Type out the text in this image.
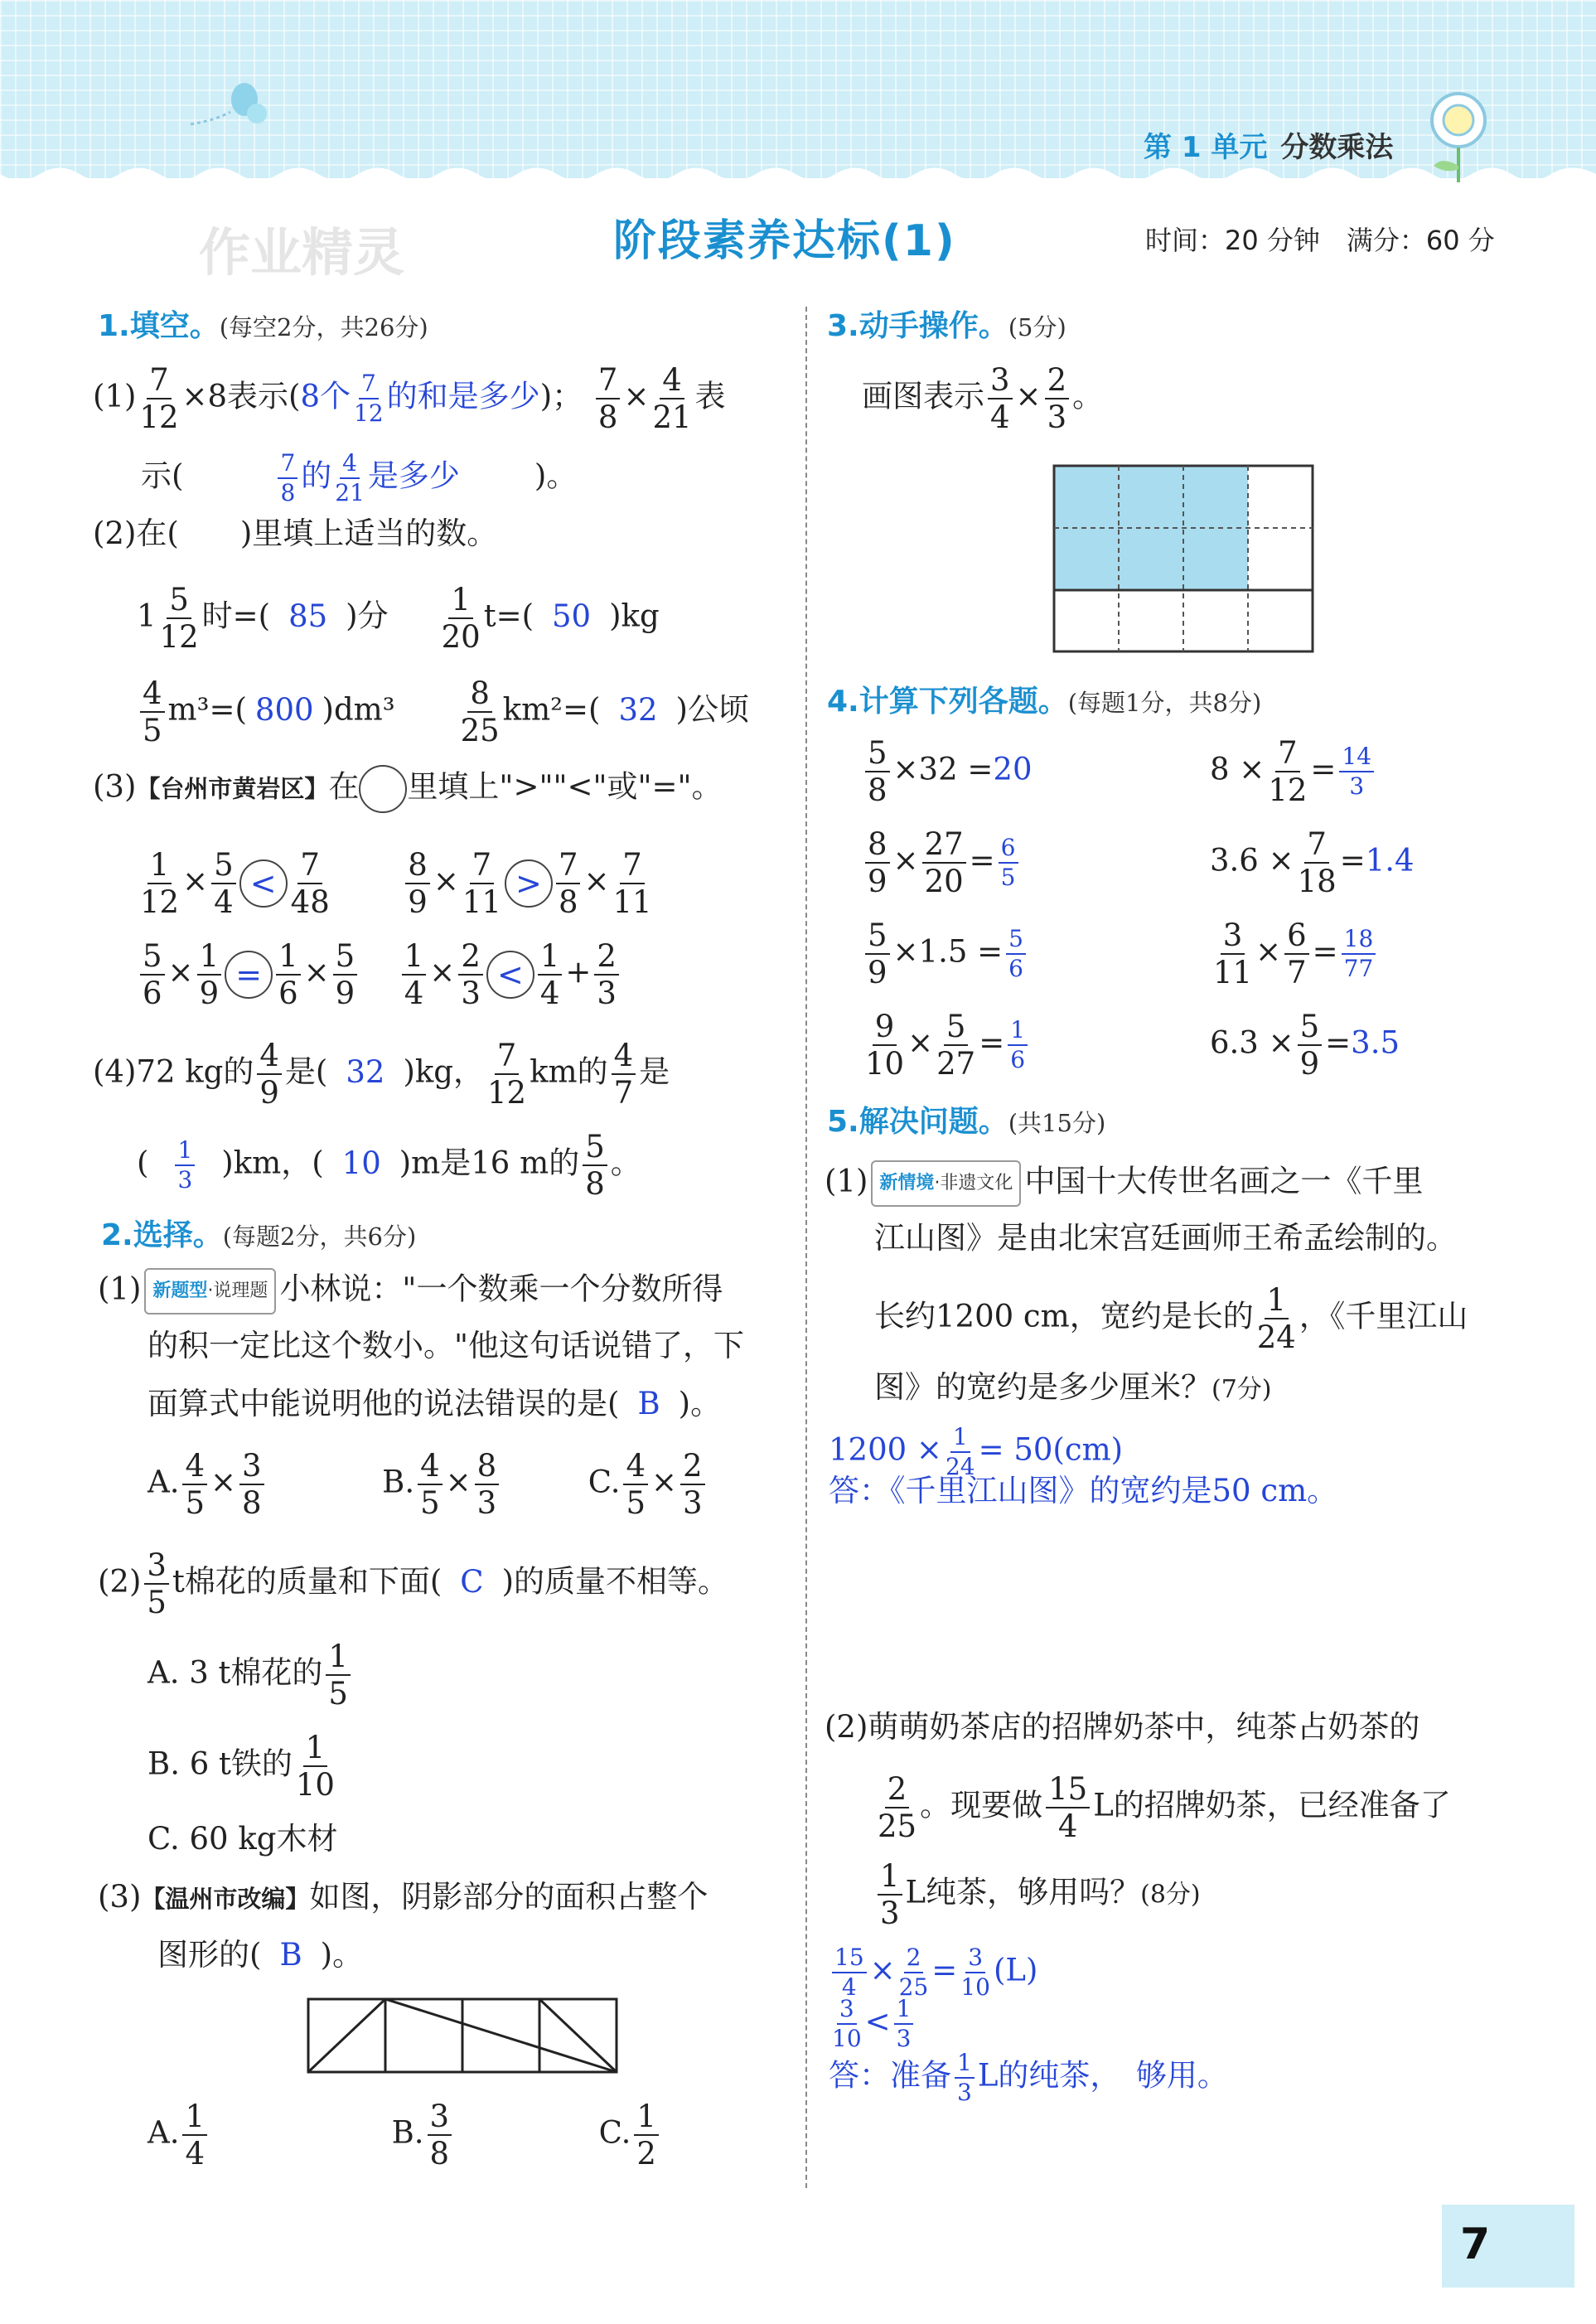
第 1 单元 分数乘法
作业精灵	阶段素养达标(1)	时间：20 分钟　满分：60 分
1.填空。(每空2分，共26分)
$(1) \frac{7}{12} \times 8$表示(8个 $\frac{7}{12}$ 的和是多少)； $\frac{7}{8} \times \frac{4}{21}$ 表
示(	$\frac{7}{8}$ 的 $\frac{4}{21}$ 是多少 )。
(2)在(　　)里填上适当的数。
$1 \frac{5}{12}$ 时=( 85 )分 $\frac{1}{20} t=$( 50 )kg
$\frac{4}{5} m^3=$( 800 )$dm^3 \frac{8}{25} km^2=$( 32 )公顷
(3)【台州市黄岩区】在 里填上">""<"或"="。
$\frac{1}{12} \times \frac{5}{4} < \frac{7}{48}$
$\frac{8}{9} \times \frac{7}{11} > \frac{7}{8} \times \frac{7}{11}$
$\frac{5}{6} \times \frac{1}{9} = \frac{1}{6} \times \frac{5}{9}$
$\frac{1}{4} \times \frac{2}{3} < \frac{1}{4} + \frac{2}{3}$
(4)72 kg的 $\frac{4}{9}$ 是( 32 )kg， $\frac{7}{12}$ km的 $\frac{4}{7}$ 是
( $\frac{1}{3} )km$，( 10 )m是16 m的 $\frac{5}{8}$ 。
2.选择。(每题2分，共6分)
(1) 新题型·说理题 小林说："一个数乘一个分数所得
的积一定比这个数小。"他这句话说错了，下
面算式中能说明他的说法错误的是( B )。
A. $\frac{4}{5} \times \frac{3}{8}$	B. $\frac{4}{5} \times \frac{8}{3}$	C. $\frac{4}{5} \times \frac{2}{3}$
$(2) \frac{3}{5}$ t棉花的质量和下面( C )的质量不相等。
A. 3 t棉花的 $\frac{1}{5}$
B. 6 t铁的 $\frac{1}{10}$
C. 60 kg木材
(3)【温州市改编】如图，阴影部分的面积占整个
图形的( B )。
A. $\frac{1}{4}$	B. $\frac{3}{8}$	C. $\frac{1}{2}$
3.动手操作。(5分)
画图表示 $\frac{3}{4} \times \frac{2}{3}$ 。
4.计算下列各题。(每题1分，共8分)
$\frac{5}{8} \times 32 =20$	$8 \times \frac{7}{12} = \frac{14}{3}$
$\frac{8}{9} \times \frac{27}{20} = \frac{6}{5}$	$3.6 \times \frac{7}{18} =1.4$
$\frac{5}{9} \times 1.5 = \frac{5}{6}$	$\frac{3}{11} \times \frac{6}{7} = \frac{18}{77}$
$\frac{9}{10} \times \frac{5}{27} = \frac{1}{6}$	$6.3 \times \frac{5}{9} =3.5$
5.解决问题。(共15分)
(1) 新情境·非遗文化 中国十大传世名画之一《千里
江山图》是由北宋宫廷画师王希孟绘制的。
长约1200 cm，宽约是长的 $\frac{1}{24}$ ，《千里江山
图》的宽约是多少厘米？(7分)
$1200 \times \frac{1}{24} = 50(cm)$
答：《千里江山图》的宽约是50 cm。
(2)萌萌奶茶店的招牌奶茶中，纯茶占奶茶的
$\frac{2}{25}$ 。现要做 $\frac{15}{4}$ L的招牌奶茶，已经准备了
$\frac{1}{3}$ L纯茶，够用吗？(8分)
$\frac{15}{4} \times \frac{2}{25} = \frac{3}{10} (L)$
$\frac{3}{10} < \frac{1}{3}$
答：准备 $\frac{1}{3}$ L的纯茶，　够用。
7
